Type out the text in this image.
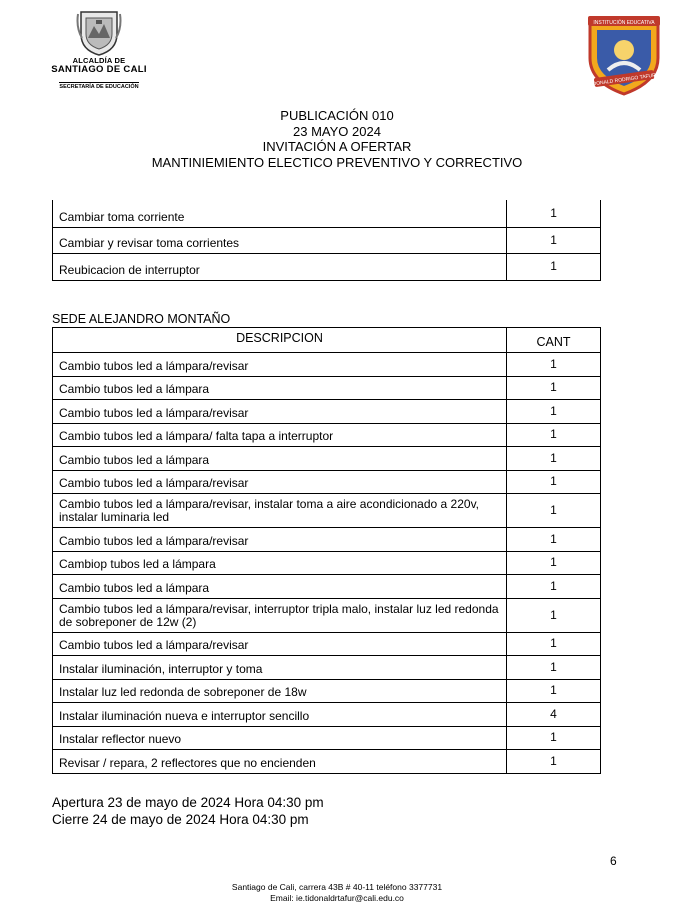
ALCALDÍA DE
SANTIAGO DE CALI
SECRETARÍA DE EDUCACIÓN
INSTITUCIÓN EDUCATIVA
DONALD RODRIGO TAFUR
PUBLICACIÓN 010
23 MAYO 2024
INVITACIÓN A OFERTAR
MANTINIEMIENTO ELECTICO PREVENTIVO Y CORRECTIVO
Cambiar toma corriente	1
Cambiar y revisar toma corrientes	1
Reubicacion de interruptor	1
SEDE ALEJANDRO MONTAÑO
DESCRIPCION	CANT
Cambio tubos led a lámpara/revisar	1
Cambio tubos led a lámpara	1
Cambio tubos led a lámpara/revisar	1
Cambio tubos led a lámpara/ falta tapa a interruptor	1
Cambio tubos led a lámpara	1
Cambio tubos led a lámpara/revisar	1
Cambio tubos led a lámpara/revisar, instalar toma a aire acondicionado a 220v, instalar luminaria led	1
Cambio tubos led a lámpara/revisar	1
Cambiop tubos led a lámpara	1
Cambio tubos led a lámpara	1
Cambio tubos led a lámpara/revisar, interruptor tripla malo, instalar luz led redonda de sobreponer de 12w (2)	1
Cambio tubos led a lámpara/revisar	1
Instalar iluminación, interruptor y toma	1
Instalar luz led redonda de sobreponer de 18w	1
Instalar iluminación nueva e interruptor sencillo	4
Instalar reflector nuevo	1
Revisar / repara, 2 reflectores que no encienden	1
Apertura 23 de mayo de 2024 Hora 04:30 pm
Cierre 24 de mayo de 2024 Hora 04:30 pm
6
Santiago de Cali, carrera 43B # 40-11 teléfono 3377731
Email: ie.tidonaldrtafur@cali.edu.co
